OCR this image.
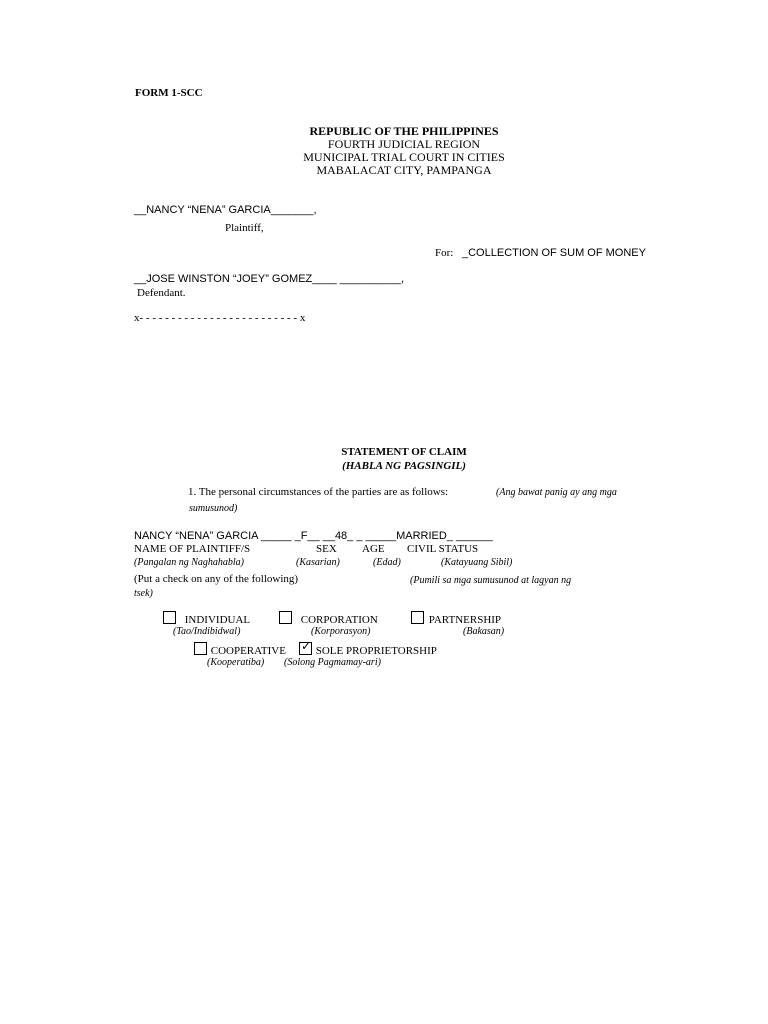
FORM 1-SCC
REPUBLIC OF THE PHILIPPINES
FOURTH JUDICIAL REGION
MUNICIPAL TRIAL COURT IN CITIES
MABALACAT CITY, PAMPANGA
__NANCY “NENA” GARCIA_______,
Plaintiff,
For: _COLLECTION OF SUM OF MONEY
__JOSE WINSTON “JOEY” GOMEZ____ __________,
Defendant.
x- - - - - - - - - - - - - - - - - - - - - - - - - x
STATEMENT OF CLAIM
(HABLA NG PAGSINGIL)
1. The personal circumstances of the parties are as follows:	(Ang bawat panig ay ang mga
sumusunod)
NANCY “NENA” GARCIA _____ _F__ __48_ _ _____MARRIED_ ______
NAME OF PLAINTIFF/S	SEX AGE CIVIL STATUS
(Pangalan ng Naghahabla)	(Kasarian)	(Edad)	(Katayuang Sibil)
(Put a check on any of the following)	(Pumili sa mga sumusunod at lagyan ng
tsek)
INDIVIDUAL	CORPORATION	PARTNERSHIP
(Tao/Indibidwal)	(Korporasyon)	(Bakasan)
COOPERATIVE ✓ SOLE PROPRIETORSHIP
(Kooperatiba) (Solong Pagmamay-ari)
